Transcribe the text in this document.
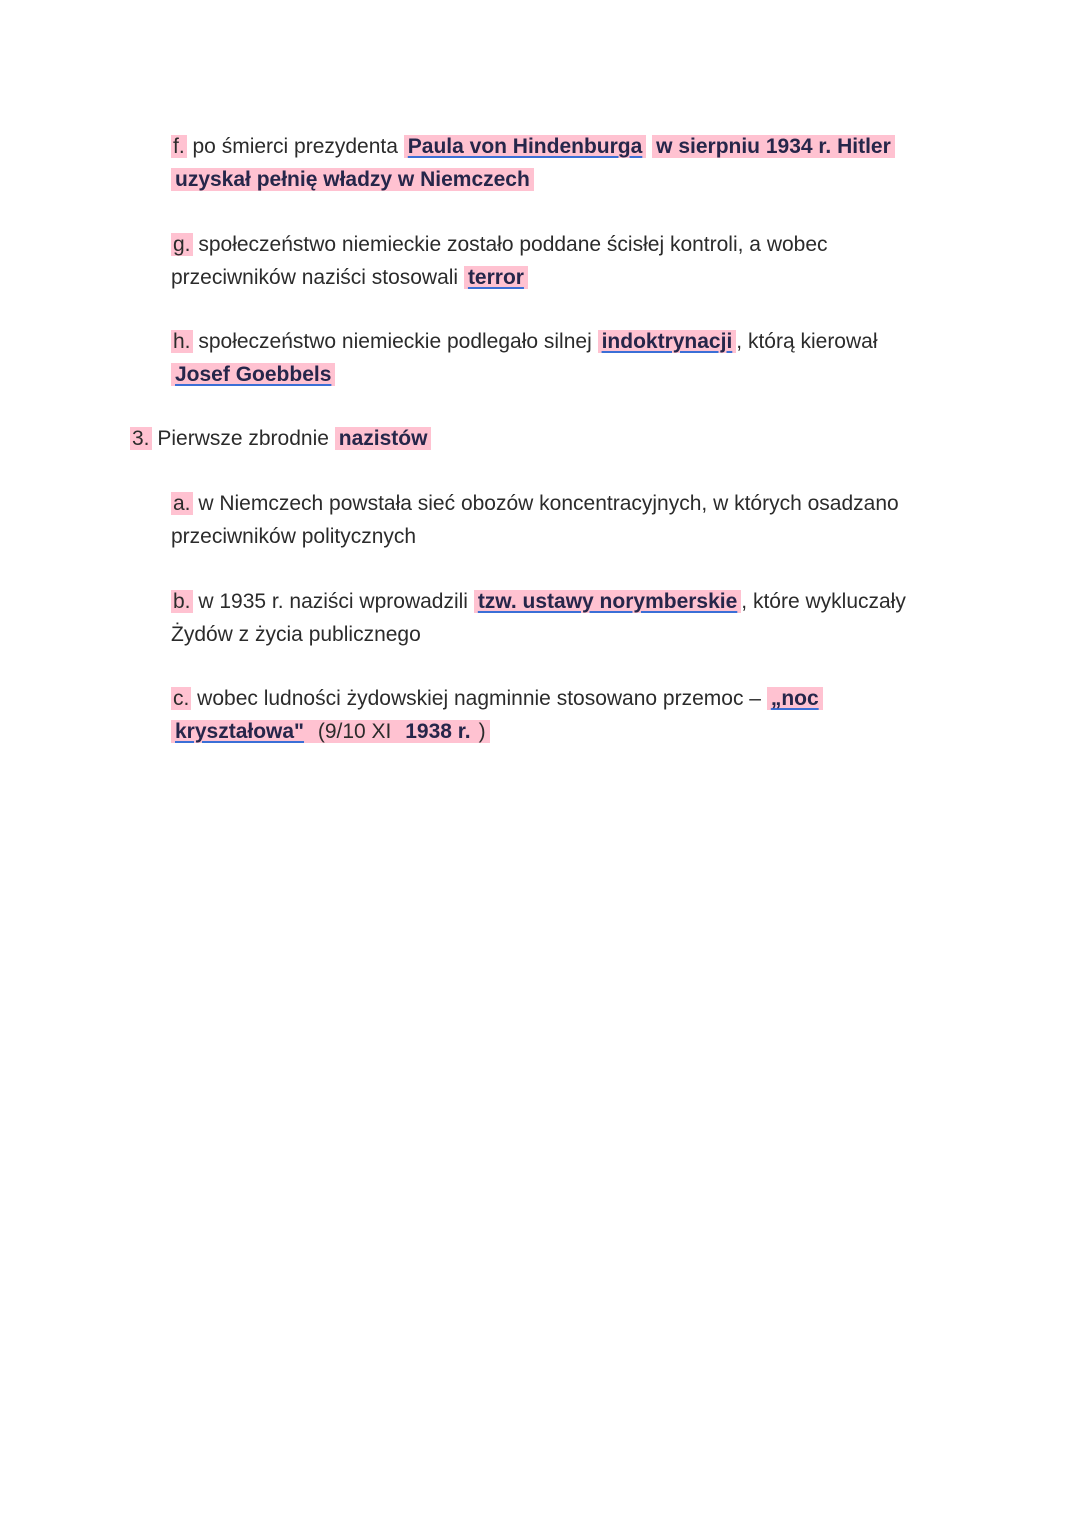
f. po śmierci prezydenta Paula von Hindenburga w sierpniu 1934 r. Hitler
uzyskał pełnię władzy w Niemczech
g. społeczeństwo niemieckie zostało poddane ścisłej kontroli, a wobec
przeciwników naziści stosowali terror
h. społeczeństwo niemieckie podlegało silnej indoktrynacji , którą kierował
Josef Goebbels
3. Pierwsze zbrodnie nazistów
a. w Niemczech powstała sieć obozów koncentracyjnych, w których osadzano
przeciwników politycznych
b. w 1935 r. naziści wprowadzili tzw. ustawy norymberskie , które wykluczały
Żydów z życia publicznego
c. wobec ludności żydowskiej nagminnie stosowano przemoc – „noc
kryształowa" (9/10 XI 1938 r. )
